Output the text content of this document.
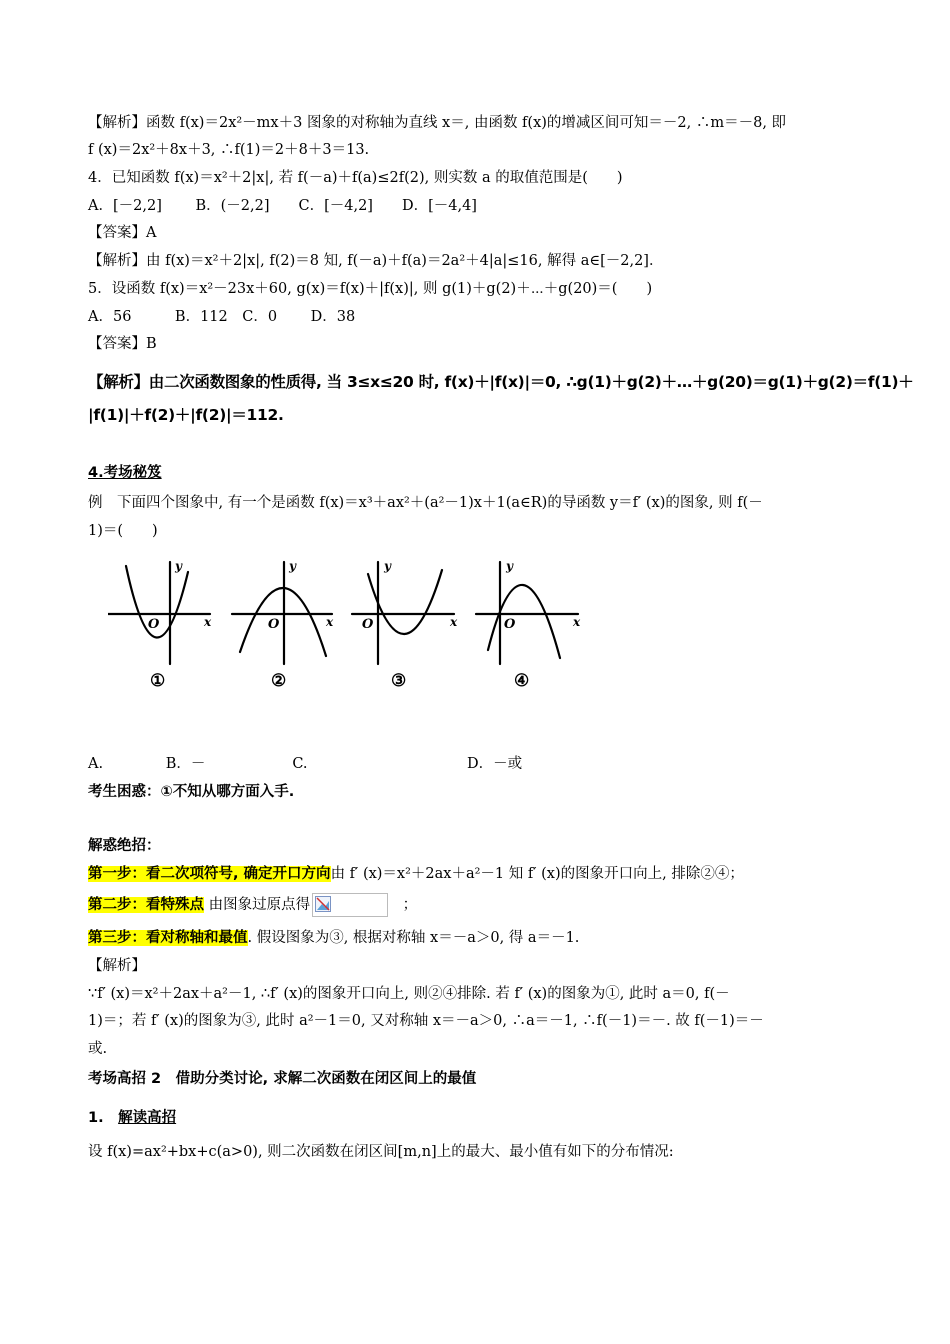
【解析】函数 f(x)＝2x²－mx＋3 图象的对称轴为直线 x＝, 由函数 f(x)的增减区间可知＝－2, ∴m＝－8, 即
f (x)＝2x²＋8x＋3, ∴f(1)＝2＋8＋3＝13.
4．已知函数 f(x)＝x²＋2|x|, 若 f(－a)＋f(a)≤2f(2), 则实数 a 的取值范围是(　　)
A．[－2,2]　　 B．(－2,2]　　C．[－4,2]　　D．[－4,4]
【答案】A
【解析】由 f(x)＝x²＋2|x|, f(2)＝8 知, f(－a)＋f(a)＝2a²＋4|a|≤16, 解得 a∈[－2,2]．
5．设函数 f(x)＝x²－23x＋60, g(x)＝f(x)＋|f(x)|, 则 g(1)＋g(2)＋⋯＋g(20)＝(　　)
A．56　　　B．112　C．0　　 D．38
【答案】B
【解析】由二次函数图象的性质得, 当 3≤x≤20 时, f(x)＋|f(x)|＝0, ∴g(1)＋g(2)＋…＋g(20)＝g(1)＋g(2)＝f(1)＋
|f(1)|＋f(2)＋|f(2)|＝112.
4.考场秘笈
例　下面四个图象中, 有一个是函数 f(x)＝x³＋ax²＋(a²－1)x＋1(a∈R)的导函数 y＝f′ (x)的图象, 则 f(－
1)＝(　　)
y
x
O
①
y
x
O
②
y
x
O
③
y
x
O
④
A.　　　　 B．－　　　　　　C.　　　　　　　　　　　D．－或
考生困惑：①不知从哪方面入手.
解惑绝招：
第一步：看二次项符号, 确定开口方向由 f′ (x)＝x²＋2ax＋a²－1 知 f′ (x)的图象开口向上, 排除②④；
第二步：看特殊点 由图象过原点得	　；
第三步：看对称轴和最值. 假设图象为③, 根据对称轴 x＝－a＞0, 得 a＝－1.
【解析】
∵f′ (x)＝x²＋2ax＋a²－1, ∴f′ (x)的图象开口向上, 则②④排除. 若 f′ (x)的图象为①, 此时 a＝0, f(－
1)＝；若 f′ (x)的图象为③, 此时 a²－1＝0, 又对称轴 x＝－a＞0, ∴a＝－1, ∴f(－1)＝－. 故 f(－1)＝－
或.
考场高招 2　借助分类讨论, 求解二次函数在闭区间上的最值
1.　解读高招
设 f(x)=ax²+bx+c(a>0), 则二次函数在闭区间[m,n]上的最大、最小值有如下的分布情况:
